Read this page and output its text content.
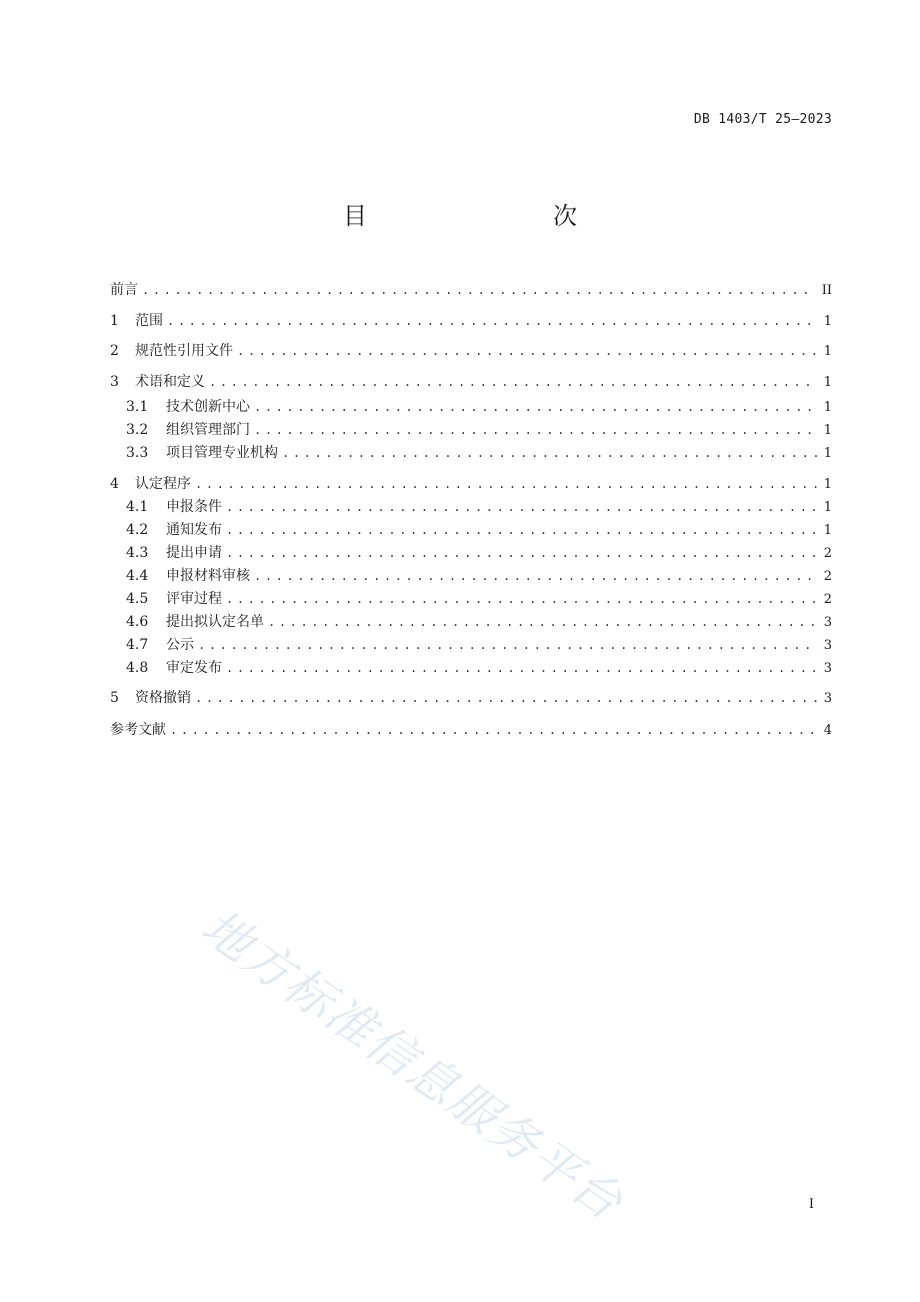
DB 1403/T 25—2023
目　　次
前言 .....	II
1	范围 .....	1
2	规范性引用文件 .....	1
3	术语和定义 .....	1
3.1	技术创新中心 .....	1
3.2	组织管理部门 .....	1
3.3	项目管理专业机构 .....	1
4	认定程序 .....	1
4.1	申报条件 .....	1
4.2	通知发布 .....	1
4.3	提出申请 .....	2
4.4	申报材料审核 .....	2
4.5	评审过程 .....	2
4.6	提出拟认定名单 .....	3
4.7	公示 .....	3
4.8	审定发布 .....	3
5	资格撤销 .....	3
参考文献 .....	4
地方标准信息服务平台	I
